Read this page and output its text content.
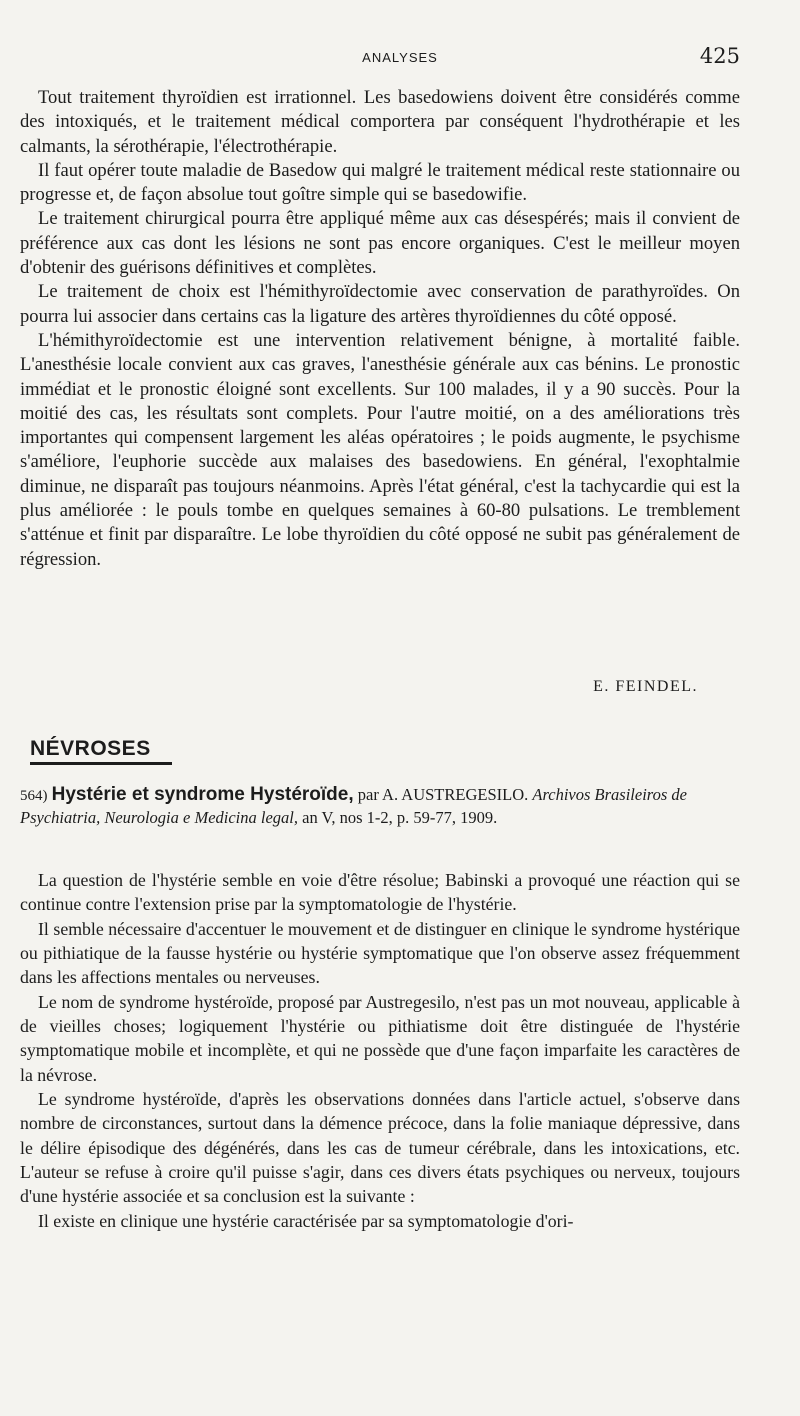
ANALYSES	425

Tout traitement thyroïdien est irrationnel. Les basedowiens doivent être considérés comme des intoxiqués, et le traitement médical comportera par conséquent l'hydrothérapie et les calmants, la sérothérapie, l'électrothérapie.

Il faut opérer toute maladie de Basedow qui malgré le traitement médical reste stationnaire ou progresse et, de façon absolue tout goître simple qui se basedowifie.

Le traitement chirurgical pourra être appliqué même aux cas désespérés; mais il convient de préférence aux cas dont les lésions ne sont pas encore organiques. C'est le meilleur moyen d'obtenir des guérisons définitives et complètes.

Le traitement de choix est l'hémithyroïdectomie avec conservation de parathyroïdes. On pourra lui associer dans certains cas la ligature des artères thyroïdiennes du côté opposé.

L'hémithyroïdectomie est une intervention relativement bénigne, à mortalité faible. L'anesthésie locale convient aux cas graves, l'anesthésie générale aux cas bénins. Le pronostic immédiat et le pronostic éloigné sont excellents. Sur 100 malades, il y a 90 succès. Pour la moitié des cas, les résultats sont complets. Pour l'autre moitié, on a des améliorations très importantes qui compensent largement les aléas opératoires ; le poids augmente, le psychisme s'améliore, l'euphorie succède aux malaises des basedowiens. En général, l'exophtalmie diminue, ne disparaît pas toujours néanmoins. Après l'état général, c'est la tachycardie qui est la plus améliorée : le pouls tombe en quelques semaines à 60-80 pulsations. Le tremblement s'atténue et finit par disparaître. Le lobe thyroïdien du côté opposé ne subit pas généralement de régression.

E. FEINDEL.
NÉVROSES
564) Hystérie et syndrome Hystéroïde, par A. AUSTREGESILO. Archivos Brasileiros de Psychiatria, Neurologia e Medicina legal, an V, nos 1-2, p. 59-77, 1909.

La question de l'hystérie semble en voie d'être résolue; Babinski a provoqué une réaction qui se continue contre l'extension prise par la symptomatologie de l'hystérie.

Il semble nécessaire d'accentuer le mouvement et de distinguer en clinique le syndrome hystérique ou pithiatique de la fausse hystérie ou hystérie symptomatique que l'on observe assez fréquemment dans les affections mentales ou nerveuses.

Le nom de syndrome hystéroïde, proposé par Austregesilo, n'est pas un mot nouveau, applicable à de vieilles choses; logiquement l'hystérie ou pithiatisme doit être distinguée de l'hystérie symptomatique mobile et incomplète, et qui ne possède que d'une façon imparfaite les caractères de la névrose.

Le syndrome hystéroïde, d'après les observations données dans l'article actuel, s'observe dans nombre de circonstances, surtout dans la démence précoce, dans la folie maniaque dépressive, dans le délire épisodique des dégénérés, dans les cas de tumeur cérébrale, dans les intoxications, etc. L'auteur se refuse à croire qu'il puisse s'agir, dans ces divers états psychiques ou nerveux, toujours d'une hystérie associée et sa conclusion est la suivante :

Il existe en clinique une hystérie caractérisée par sa symptomatologie d'ori-
